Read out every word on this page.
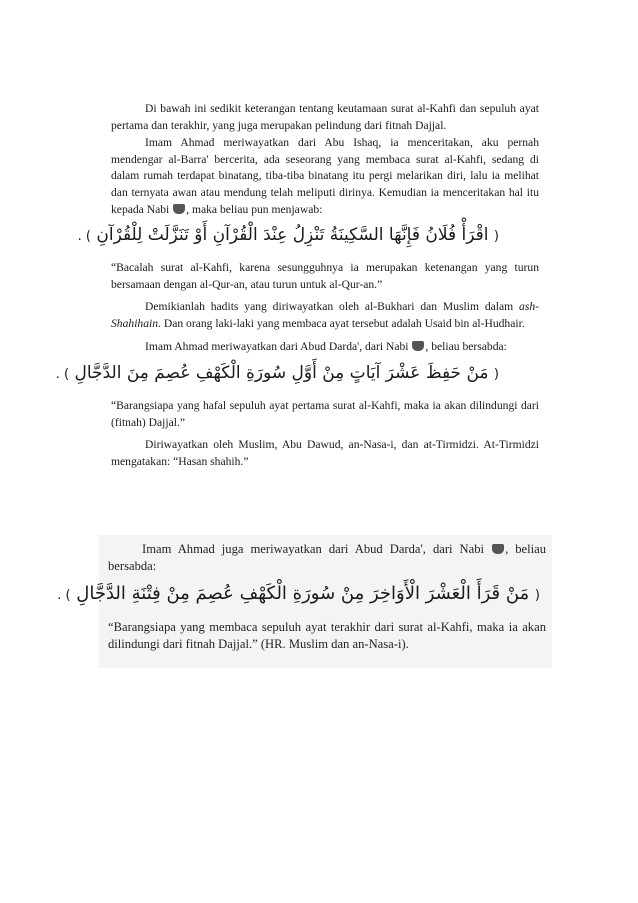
Di bawah ini sedikit keterangan tentang keutamaan surat al-Kahfi dan sepuluh ayat pertama dan terakhir, yang juga merupakan pelindung dari fitnah Dajjal.

Imam Ahmad meriwayatkan dari Abu Ishaq, ia menceritakan, aku pernah mendengar al-Barra' bercerita, ada seseorang yang membaca surat al-Kahfi, sedang di dalam rumah terdapat binatang, tiba-tiba binatang itu pergi melarikan diri, lalu ia melihat dan ternyata awan atau mendung telah meliputi dirinya. Kemudian ia menceritakan hal itu kepada Nabi , maka beliau pun menjawab:

( اقْرَأْ فُلَانُ فَإِنَّهَا السَّكِينَةُ تَنْزِلُ عِنْدَ الْقُرْآنِ أَوْ تَنَزَّلَتْ لِلْقُرْآنِ ) .

“Bacalah surat al-Kahfi, karena sesungguhnya ia merupakan ketenangan yang turun bersamaan dengan al-Qur-an, atau turun untuk al-Qur-an.”

Demikianlah hadits yang diriwayatkan oleh al-Bukhari dan Muslim dalam ash-Shahihain. Dan orang laki-laki yang membaca ayat tersebut adalah Usaid bin al-Hudhair.

Imam Ahmad meriwayatkan dari Abud Darda', dari Nabi , beliau bersabda:

( مَنْ حَفِظَ عَشْرَ آيَاتٍ مِنْ أَوَّلِ سُورَةِ الْكَهْفِ عُصِمَ مِنَ الدَّجَّالِ ) .

“Barangsiapa yang hafal sepuluh ayat pertama surat al-Kahfi, maka ia akan dilindungi dari (fitnah) Dajjal.”

Diriwayatkan oleh Muslim, Abu Dawud, an-Nasa-i, dan at-Tirmidzi. At-Tirmidzi mengatakan: “Hasan shahih.”

Imam Ahmad juga meriwayatkan dari Abud Darda', dari Nabi , beliau bersabda:

( مَنْ قَرَأَ الْعَشْرَ الْأَوَاخِرَ مِنْ سُورَةِ الْكَهْفِ عُصِمَ مِنْ فِتْنَةِ الدَّجَّالِ ) .

“Barangsiapa yang membaca sepuluh ayat terakhir dari surat al-Kahfi, maka ia akan dilindungi dari fitnah Dajjal.” (HR. Muslim dan an-Nasa-i).
